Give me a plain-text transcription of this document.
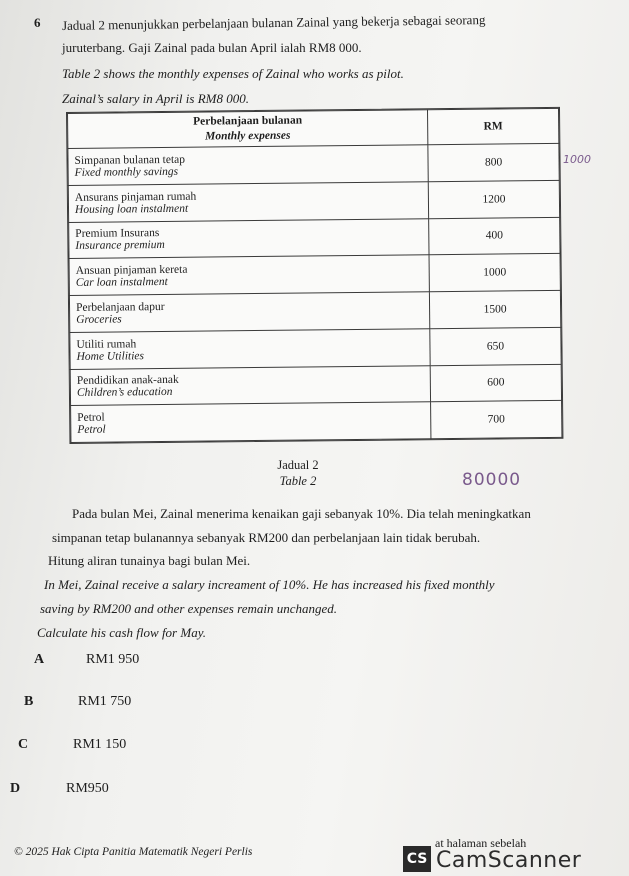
6 Jadual 2 menunjukkan perbelanjaan bulanan Zainal yang bekerja sebagai seorang
juruterbang. Gaji Zainal pada bulan April ialah RM8 000.
Table 2 shows the monthly expenses of Zainal who works as pilot.
Zainal’s salary in April is RM8 000.
Perbelanjaan bulanan
Monthly expenses	RM

Simpanan bulanan tetap
Fixed monthly savings	800

Ansurans pinjaman rumah
Housing loan instalment	1200

Premium Insurans
Insurance premium	400

Ansuan pinjaman kereta
Car loan instalment	1000

Perbelanjaan dapur
Groceries	1500

Utiliti rumah
Home Utilities	650

Pendidikan anak-anak
Children’s education	600

Petrol
Petrol	700
1000
Jadual 2
Table 2	80000
Pada bulan Mei, Zainal menerima kenaikan gaji sebanyak 10%. Dia telah meningkatkan
simpanan tetap bulanannya sebanyak RM200 dan perbelanjaan lain tidak berubah.
Hitung aliran tunainya bagi bulan Mei.
In Mei, Zainal receive a salary increament of 10%. He has increased his fixed monthly
saving by RM200 and other expenses remain unchanged.
Calculate his cash flow for May.
A	RM1 950
B	RM1 750
C	RM1 150
D	RM950
© 2025 Hak Cipta Panitia Matematik Negeri Perlis
at halaman sebelah
CS CamScanner
